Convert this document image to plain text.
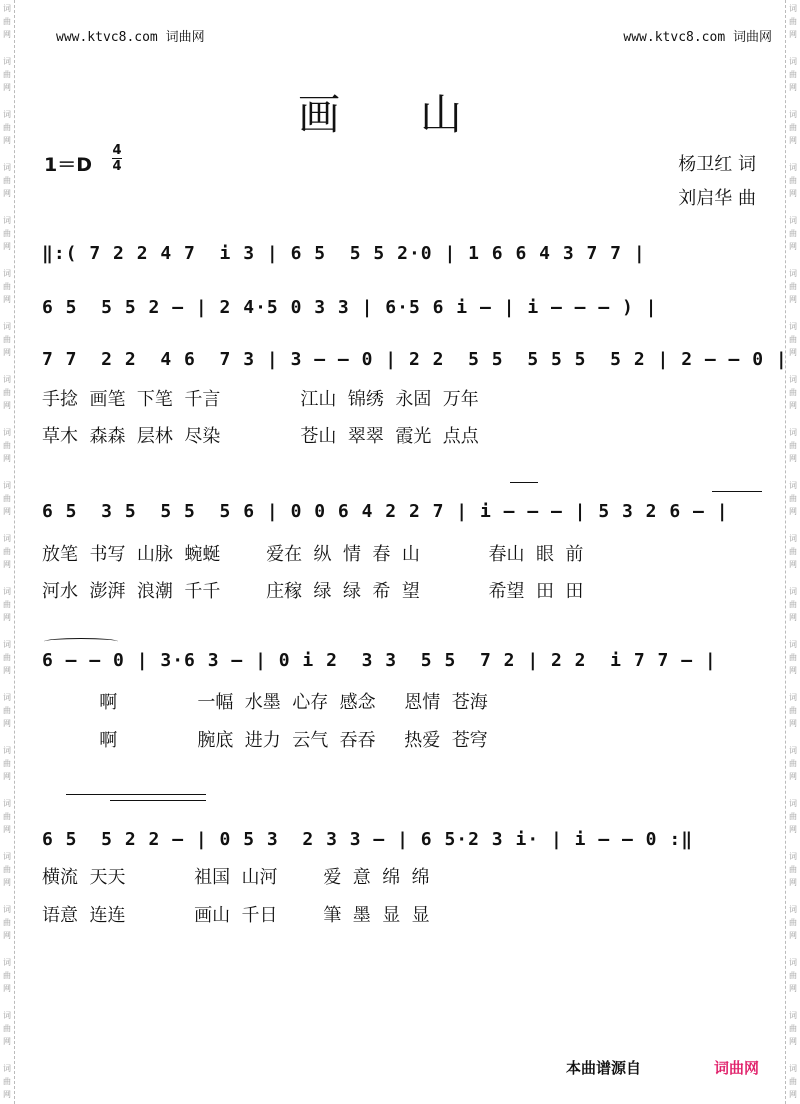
词
曲
网
词
曲
网
词
曲
网
词
曲
网
词
曲
网
词
曲
网
词
曲
网
词
曲
网
词
曲
网
词
曲
网
词
曲
网
词
曲
网
词
曲
网
词
曲
网
词
曲
网
词
曲
网
词
曲
网
词
曲
网
词
曲
网
词
曲
网
词
曲
网
词
曲
网
词
曲
网
词
曲
网
词
曲
网
词
曲
网
词
曲
网
词
曲
网
词
曲
网
词
曲
网
词
曲
网
词
曲
网
词
曲
网
词
曲
网
词
曲
网
词
曲
网
词
曲
网
词
曲
网
词
曲
网
词
曲
网
词
曲
网
词
曲
网
www.ktvc8.com 词曲网	www.ktvc8.com 词曲网
画山
1＝D
4
4	杨卫红 词
刘启华 曲
‖:( 7 2 2 4 7  i 3 | 6 5  5 5 2·0 | 1 6 6 4 3 7 7 |
6 5  5 5 2 – | 2 4·5 0 3 3 | 6·5 6 i – | i – – – ) |
7 7  2 2  4 6  7 3 | 3 – – 0 | 2 2  5 5  5 5 5  5 2 | 2 – – 0 |
手捻  画笔  下笔  千言              江山  锦绣  永固  万年
草木  森森  层林  尽染              苍山  翠翠  霞光  点点
6 5  3 5  5 5  5 6 | 0 0 6 4 2 2 7 | i – – – | 5 3 2 6 – |
放笔  书写  山脉  蜿蜒        爱在  纵  情  春  山            春山  眼  前
河水  澎湃  浪潮  千千        庄稼  绿  绿  希  望            希望  田  田
6 – – 0 | 3·6 3 – | 0 i 2  3 3  5 5  7 2 | 2 2  i 7 7 – |
啊              一幅  水墨  心存  感念     恩情  苍海
啊              腕底  进力  云气  吞吞     热爱  苍穹
6 5  5 2 2 – | 0 5 3  2 3 3 – | 6 5·2 3 i· | i – – 0 :‖
横流  天天            祖国  山河        爱  意  绵  绵
语意  连连            画山  千日        筆  墨  显  显
本曲谱源自	词曲网
